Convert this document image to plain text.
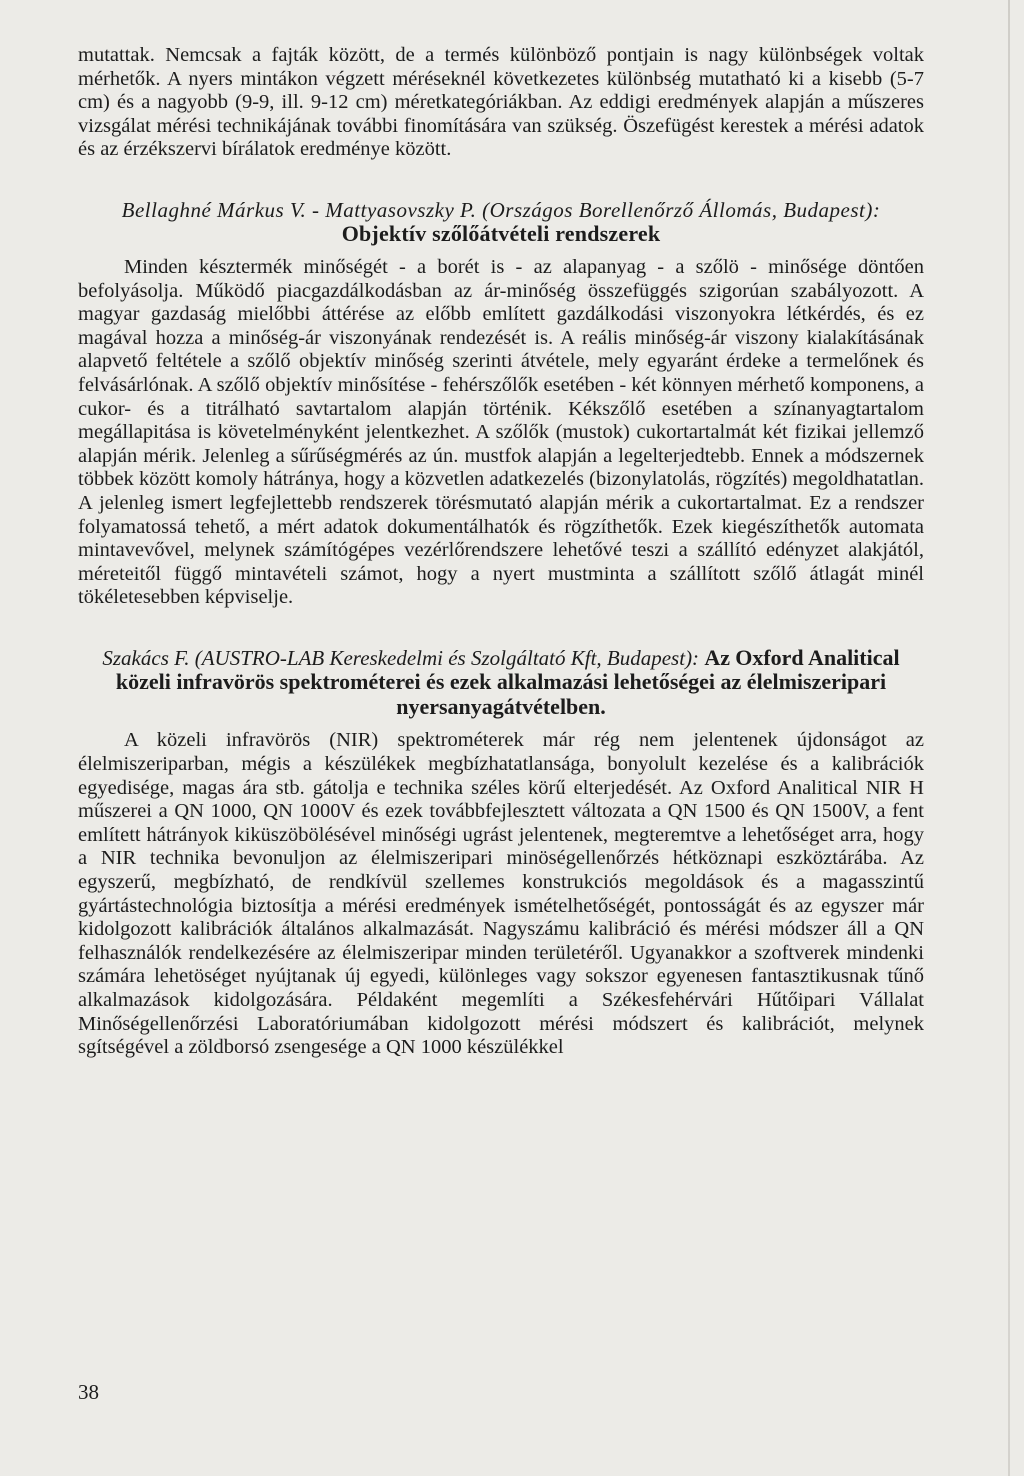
mutattak. Nemcsak a fajták között, de a termés különböző pontjain is nagy különbségek voltak mérhetők. A nyers mintákon végzett méréseknél következetes különbség mutatható ki a kisebb (5-7 cm) és a nagyobb (9-9, ill. 9-12 cm) méretkategóriákban. Az eddigi eredmények alapján a műszeres vizsgálat mérési technikájának további finomítására van szükség. Öszefügést kerestek a mérési adatok és az érzékszervi bírálatok eredménye között.

Bellaghné Márkus V. - Mattyasovszky P. (Országos Borellenőrző Állomás, Budapest):
Objektív szőlőátvételi rendszerek

Minden késztermék minőségét - a borét is - az alapanyag - a szőlö - minősége döntően befolyásolja. Működő piacgazdálkodásban az ár-minőség összefüggés szigorúan szabályozott. A magyar gazdaság mielőbbi áttérése az előbb említett gazdálkodási viszonyokra létkérdés, és ez magával hozza a minőség-ár viszonyának rendezését is. A reális minőség-ár viszony kialakításának alapvető feltétele a szőlő objektív minőség szerinti átvétele, mely egyaránt érdeke a termelőnek és felvásárlónak. A szőlő objektív minősítése - fehérszőlők esetében - két könnyen mérhető komponens, a cukor- és a titrálható savtartalom alapján történik. Kékszőlő esetében a színanyagtartalom megállapitása is követelményként jelentkezhet. A szőlők (mustok) cukortartalmát két fizikai jellemző alapján mérik. Jelenleg a sűrűségmérés az ún. mustfok alapján a legelterjedtebb. Ennek a módszernek többek között komoly hátránya, hogy a közvetlen adatkezelés (bizonylatolás, rögzítés) megoldhatatlan. A jelenleg ismert legfejlettebb rendszerek törésmutató alapján mérik a cukortartalmat. Ez a rendszer folyamatossá tehető, a mért adatok dokumentálhatók és rögzíthetők. Ezek kiegészíthetők automata mintavevővel, melynek számítógépes vezérlőrendszere lehetővé teszi a szállító edényzet alakjától, méreteitől függő mintavételi számot, hogy a nyert mustminta a szállított szőlő átlagát minél tökéletesebben képviselje.

Szakács F. (AUSTRO-LAB Kereskedelmi és Szolgáltató Kft, Budapest): Az Oxford Analitical közeli infravörös spektrométerei és ezek alkalmazási lehetőségei az élelmiszeripari nyersanyagátvételben.

A közeli infravörös (NIR) spektrométerek már rég nem jelentenek újdonságot az élelmiszeriparban, mégis a készülékek megbízhatatlansága, bonyolult kezelése és a kalibrációk egyedisége, magas ára stb. gátolja e technika széles körű elterjedését. Az Oxford Analitical NIR H műszerei a QN 1000, QN 1000V és ezek továbbfejlesztett változata a QN 1500 és QN 1500V, a fent említett hátrányok kiküszöbölésével minőségi ugrást jelentenek, megteremtve a lehetőséget arra, hogy a NIR technika bevonuljon az élelmiszeripari minöségellenőrzés hétköznapi eszköztárába. Az egyszerű, megbízható, de rendkívül szellemes konstrukciós megoldások és a magasszintű gyártástechnológia biztosítja a mérési eredmények ismételhetőségét, pontosságát és az egyszer már kidolgozott kalibrációk általános alkalmazását. Nagyszámu kalibráció és mérési módszer áll a QN felhasználók rendelkezésére az élelmiszeripar minden területéről. Ugyanakkor a szoftverek mindenki számára lehetöséget nyújtanak új egyedi, különleges vagy sokszor egyenesen fantasztikusnak tűnő alkalmazások kidolgozására. Példaként megemlíti a Székesfehérvári Hűtőipari Vállalat Minőségellenőrzési Laboratóriumában kidolgozott mérési módszert és kalibrációt, melynek sgítségével a zöldborsó zsengesége a QN 1000 készülékkel

38
